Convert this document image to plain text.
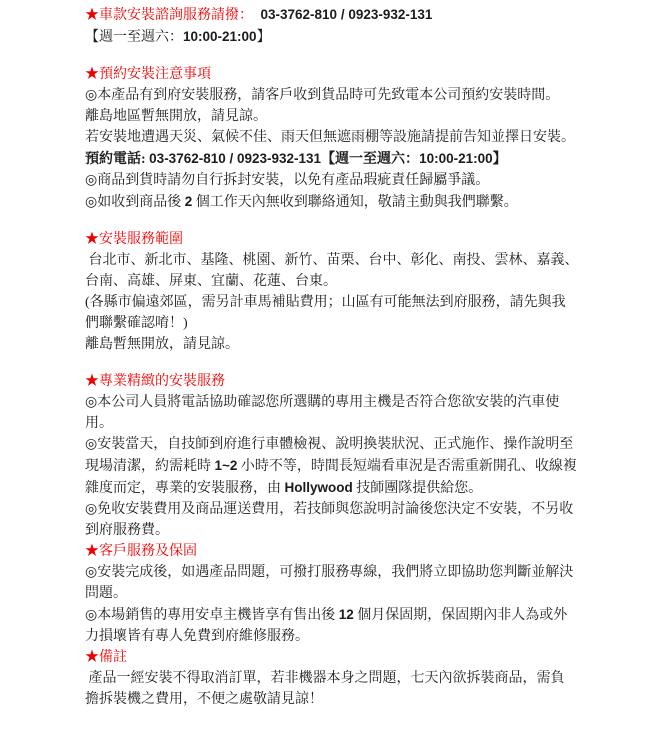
★車款安裝諮詢服務請撥：  03-3762-810 / 0923-932-131
【週一至週六：10:00-21:00】
★預約安裝注意事項
◎本產品有到府安裝服務，請客戶收到貨品時可先致電本公司預約安裝時間。
離島地區暫無開放，請見諒。
若安裝地遭遇天災、氣候不佳、雨天但無遮雨棚等設施請提前告知並擇日安裝。
預約電話: 03-3762-810 / 0923-932-131【週一至週六：10:00-21:00】
◎商品到貨時請勿自行拆封安裝，以免有產品瑕疵責任歸屬爭議。
◎如收到商品後 2 個工作天內無收到聯絡通知，敬請主動與我們聯繫。
★安裝服務範圍
台北市、新北市、基隆、桃園、新竹、苗栗、台中、彰化、南投、雲林、嘉義、
台南、高雄、屏東、宜蘭、花蓮、台東。
(各縣市偏遠郊區，需另計車馬補貼費用；山區有可能無法到府服務，請先與我
們聯繫確認唷！)
離島暫無開放，請見諒。
★專業精緻的安裝服務
◎本公司人員將電話協助確認您所選購的專用主機是否符合您欲安裝的汽車使
用。
◎安裝當天，自技師到府進行車體檢視、說明換裝狀況、正式施作、操作說明至
現場清潔，約需耗時 1~2 小時不等，時間長短端看車況是否需重新開孔、收線複
雜度而定，專業的安裝服務，由 Hollywood 技師團隊提供給您。
◎免收安裝費用及商品運送費用，若技師與您說明討論後您決定不安裝，不另收
到府服務費。
★客戶服務及保固
◎安裝完成後，如遇產品問題，可撥打服務專線，我們將立即協助您判斷並解決
問題。
◎本場銷售的專用安卓主機皆享有售出後 12 個月保固期，保固期內非人為或外
力損壞皆有專人免費到府維修服務。
★備註
產品一經安裝不得取消訂單，若非機器本身之問題，七天內欲拆裝商品，需負
擔拆裝機之費用，不便之處敬請見諒！
